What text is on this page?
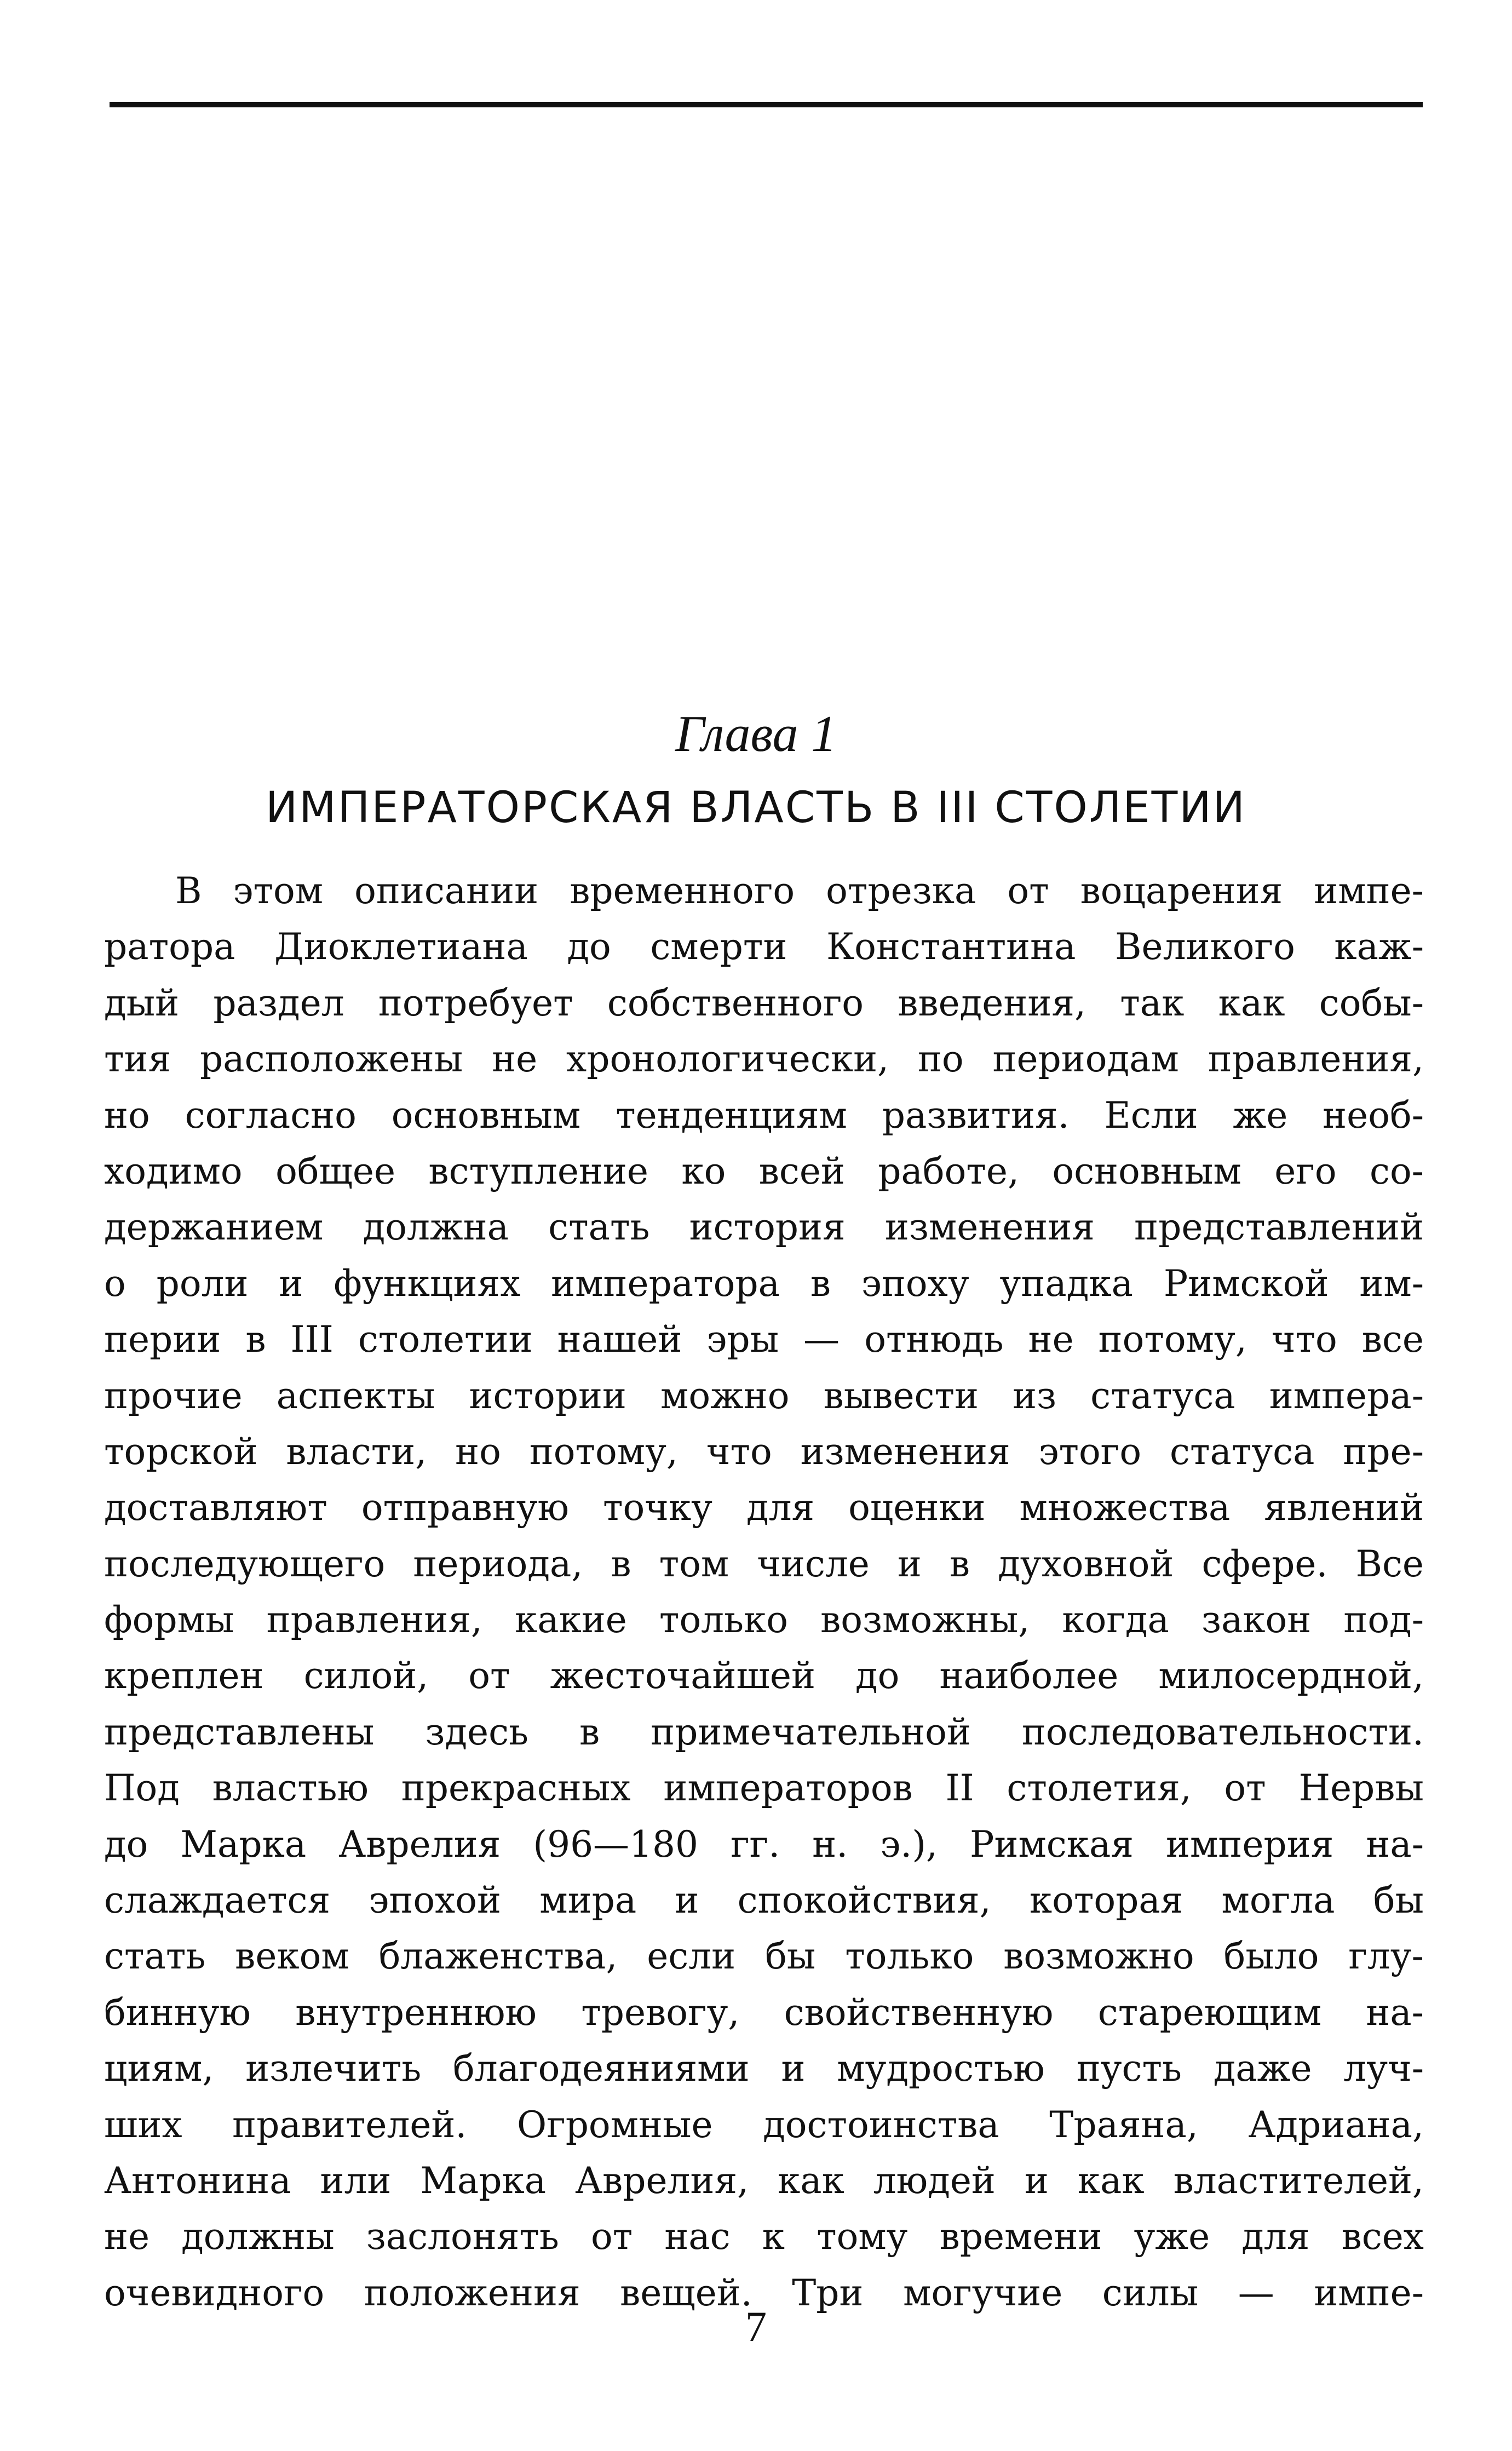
Глава 1
ИМПЕРАТОРСКАЯ ВЛАСТЬ В III СТОЛЕТИИ
В этом описании временного отрезка от воцарения импе-
ратора Диоклетиана до смерти Константина Великого каж-
дый раздел потребует собственного введения, так как собы-
тия расположены не хронологически, по периодам правления,
но согласно основным тенденциям развития. Если же необ-
ходимо общее вступление ко всей работе, основным его со-
держанием должна стать история изменения представлений
о роли и функциях императора в эпоху упадка Римской им-
перии в III столетии нашей эры — отнюдь не потому, что все
прочие аспекты истории можно вывести из статуса импера-
торской власти, но потому, что изменения этого статуса пре-
доставляют отправную точку для оценки множества явлений
последующего периода, в том числе и в духовной сфере. Все
формы правления, какие только возможны, когда закон под-
креплен силой, от жесточайшей до наиболее милосердной,
представлены здесь в примечательной последовательности.
Под властью прекрасных императоров II столетия, от Нервы
до Марка Аврелия (96—180 гг. н. э.), Римская империя на-
слаждается эпохой мира и спокойствия, которая могла бы
стать веком блаженства, если бы только возможно было глу-
бинную внутреннюю тревогу, свойственную стареющим на-
циям, излечить благодеяниями и мудростью пусть даже луч-
ших правителей. Огромные достоинства Траяна, Адриана,
Антонина или Марка Аврелия, как людей и как властителей,
не должны заслонять от нас к тому времени уже для всех
очевидного положения вещей. Три могучие силы — импе-
7
